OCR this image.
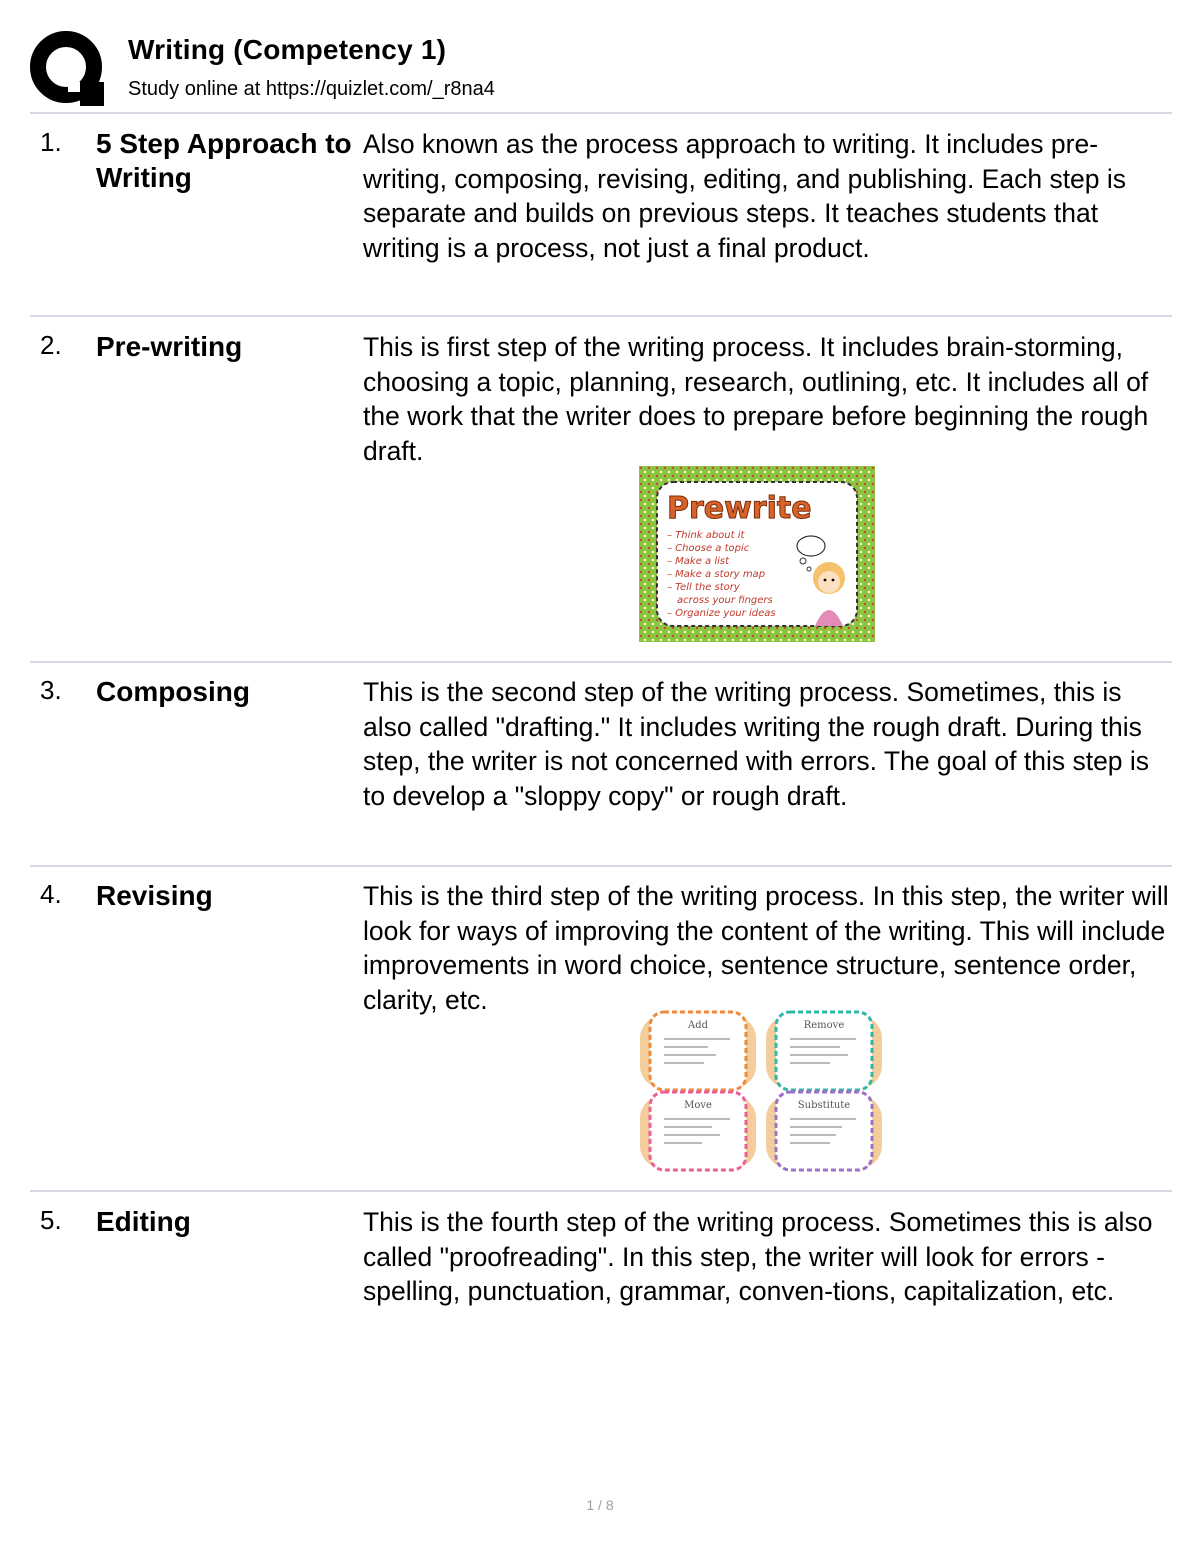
Writing (Competency 1)
Study online at https://quizlet.com/_r8na4
1. 5 Step Approach to Writing
Also known as the process approach to writing. It includes pre-writing, composing, revising, editing, and publishing. Each step is separate and builds on previous steps. It teaches students that writing is a process, not just a final product.
2. Pre-writing	This is first step of the writing process. It includes brain-storming, choosing a topic, planning, research, outlining, etc. It includes all of the work that the writer does to prepare before beginning the rough draft.
Prewrite
– Think about it
– Choose a topic
– Make a list
– Make a story map
– Tell the story
across your fingers
– Organize your ideas
3. Composing	This is the second step of the writing process. Sometimes, this is also called "drafting." It includes writing the rough draft. During this step, the writer is not concerned with errors. The goal of this step is to develop a "sloppy copy" or rough draft.
4. Revising	This is the third step of the writing process. In this step, the writer will look for ways of improving the content of the writing. This will include improvements in word choice, sentence structure, sentence order, clarity, etc.
Add	Remove
Move	Substitute
5. Editing	This is the fourth step of the writing process. Sometimes this is also called "proofreading". In this step, the writer will look for errors - spelling, punctuation, grammar, conven-tions, capitalization, etc.
1 / 8
